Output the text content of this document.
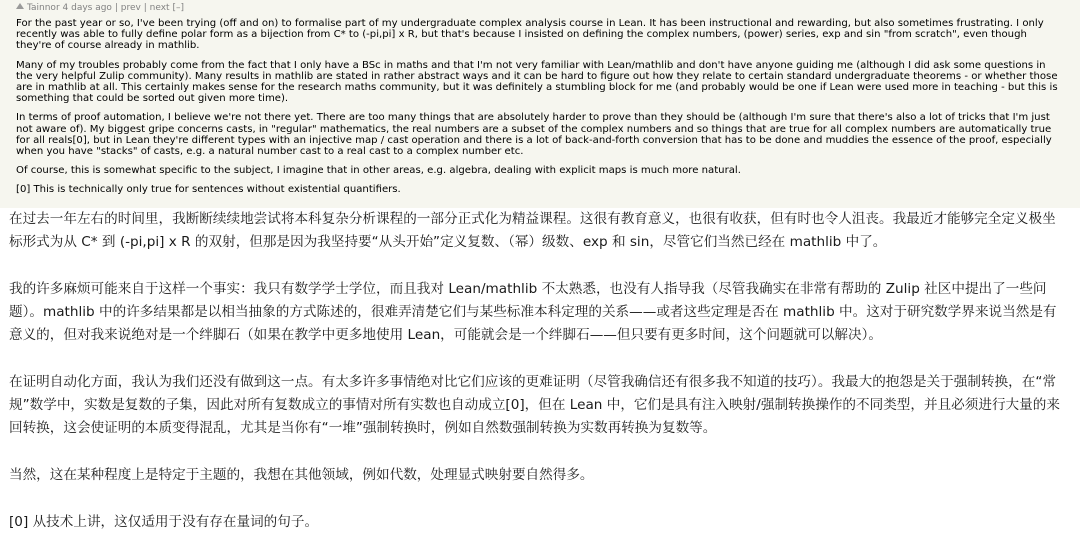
Tainnor 4 days ago | prev | next [–]

For the past year or so, I've been trying (off and on) to formalise part of my undergraduate complex analysis course in Lean. It has been instructional and rewarding, but also sometimes frustrating. I only recently was able to fully define polar form as a bijection from C* to (-pi,pi] x R, but that's because I insisted on defining the complex numbers, (power) series, exp and sin "from scratch", even though they're of course already in mathlib.

Many of my troubles probably come from the fact that I only have a BSc in maths and that I'm not very familiar with Lean/mathlib and don't have anyone guiding me (although I did ask some questions in the very helpful Zulip community). Many results in mathlib are stated in rather abstract ways and it can be hard to figure out how they relate to certain standard undergraduate theorems - or whether those are in mathlib at all. This certainly makes sense for the research maths community, but it was definitely a stumbling block for me (and probably would be one if Lean were used more in teaching - but this is something that could be sorted out given more time).

In terms of proof automation, I believe we're not there yet. There are too many things that are absolutely harder to prove than they should be (although I'm sure that there's also a lot of tricks that I'm just not aware of). My biggest gripe concerns casts, in "regular" mathematics, the real numbers are a subset of the complex numbers and so things that are true for all complex numbers are automatically true for all reals[0], but in Lean they're different types with an injective map / cast operation and there is a lot of back-and-forth conversion that has to be done and muddies the essence of the proof, especially when you have "stacks" of casts, e.g. a natural number cast to a real cast to a complex number etc.

Of course, this is somewhat specific to the subject, I imagine that in other areas, e.g. algebra, dealing with explicit maps is much more natural.

[0] This is technically only true for sentences without existential quantifiers.

在过去一年左右的时间里，我断断续续地尝试将本科复杂分析课程的一部分正式化为精益课程。这很有教育意义，也很有收获，但有时也令人沮丧。我最近才能够完全定义极坐标形式为从 C* 到 (-pi,pi] x R 的双射，但那是因为我坚持要“从头开始”定义复数、（幂）级数、exp 和 sin，尽管它们当然已经在 mathlib 中了。

我的许多麻烦可能来自于这样一个事实：我只有数学学士学位，而且我对 Lean/mathlib 不太熟悉，也没有人指导我（尽管我确实在非常有帮助的 Zulip 社区中提出了一些问题）。mathlib 中的许多结果都是以相当抽象的方式陈述的，很难弄清楚它们与某些标准本科定理的关系——或者这些定理是否在 mathlib 中。这对于研究数学界来说当然是有意义的，但对我来说绝对是一个绊脚石（如果在教学中更多地使用 Lean，可能就会是一个绊脚石——但只要有更多时间，这个问题就可以解决）。

在证明自动化方面，我认为我们还没有做到这一点。有太多许多事情绝对比它们应该的更难证明（尽管我确信还有很多我不知道的技巧）。我最大的抱怨是关于强制转换，在“常规”数学中，实数是复数的子集，因此对所有复数成立的事情对所有实数也自动成立[0]，但在 Lean 中，它们是具有注入映射/强制转换操作的不同类型，并且必须进行大量的来回转换，这会使证明的本质变得混乱，尤其是当你有“一堆”强制转换时，例如自然数强制转换为实数再转换为复数等。

当然，这在某种程度上是特定于主题的，我想在其他领域，例如代数，处理显式映射要自然得多。

[0] 从技术上讲，这仅适用于没有存在量词的句子。
